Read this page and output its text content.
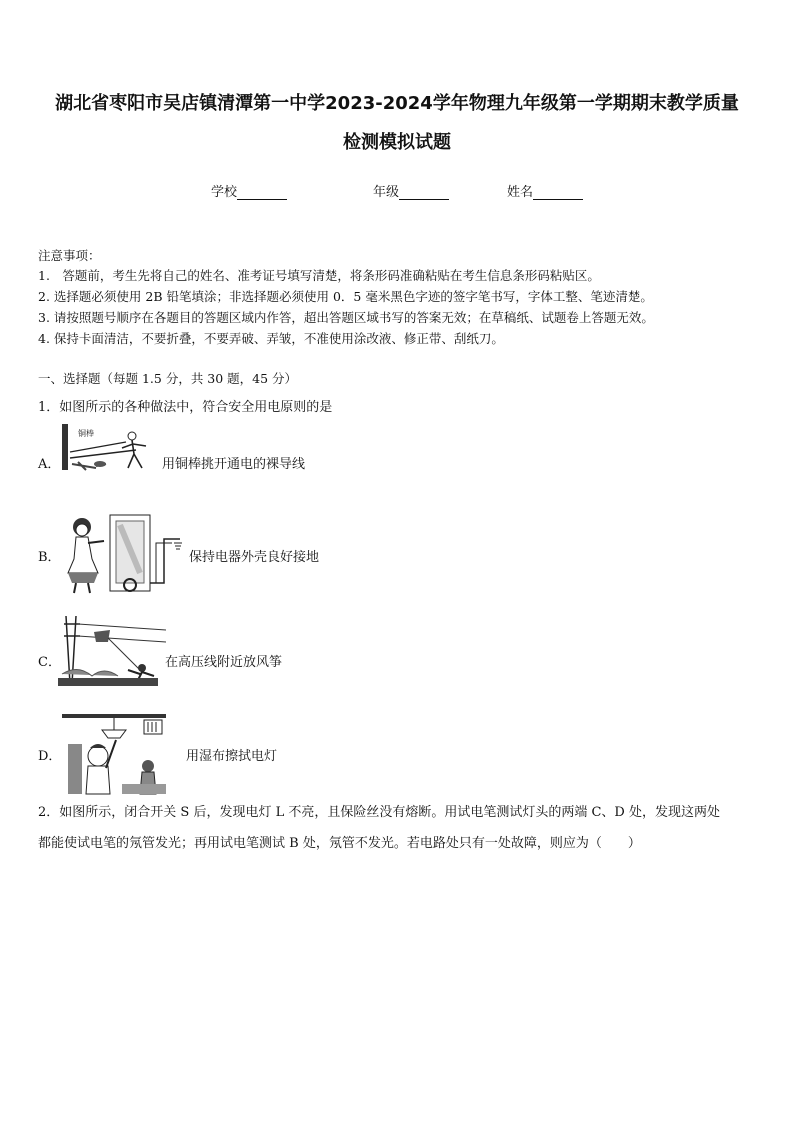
湖北省枣阳市吴店镇清潭第一中学2023-2024学年物理九年级第一学期期末教学质量
检测模拟试题
学校	年级	姓名
注意事项：
1.　答题前，考生先将自己的姓名、准考证号填写清楚，将条形码准确粘贴在考生信息条形码粘贴区。
2. 选择题必须使用 2B 铅笔填涂；非选择题必须使用 0．5 毫米黑色字迹的签字笔书写，字体工整、笔迹清楚。
3. 请按照题号顺序在各题目的答题区域内作答，超出答题区域书写的答案无效；在草稿纸、试题卷上答题无效。
4. 保持卡面清洁，不要折叠，不要弄破、弄皱，不准使用涂改液、修正带、刮纸刀。
一、选择题（每题 1.5 分，共 30 题，45 分）
1．如图所示的各种做法中，符合安全用电原则的是
A．
铜棒
用铜棒挑开通电的裸导线
B．	保持电器外壳良好接地
C．	在高压线附近放风筝
D．	用湿布擦拭电灯
2．如图所示，闭合开关 S 后，发现电灯 L 不亮，且保险丝没有熔断。用试电笔测试灯头的两端 C、D 处，发现这两处
都能使试电笔的氖管发光；再用试电笔测试 B 处，氖管不发光。若电路处只有一处故障，则应为（　　）
